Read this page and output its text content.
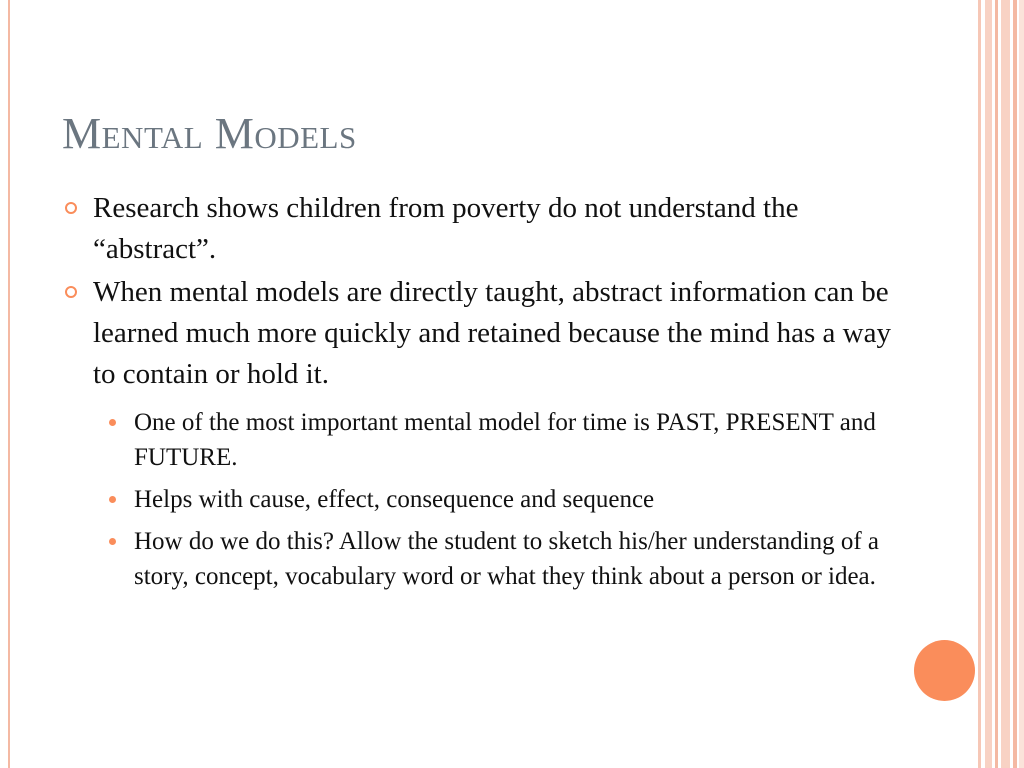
Mental Models
Research shows children from poverty do not understand the “abstract”.
When mental models are directly taught, abstract information can be learned much more quickly and retained because the mind has a way to contain or hold it.
One of the most important mental model for time is PAST, PRESENT and FUTURE.
Helps with cause, effect, consequence and sequence
How do we do this? Allow the student to sketch his/her understanding of a story, concept, vocabulary word or what they think about a person or idea.
